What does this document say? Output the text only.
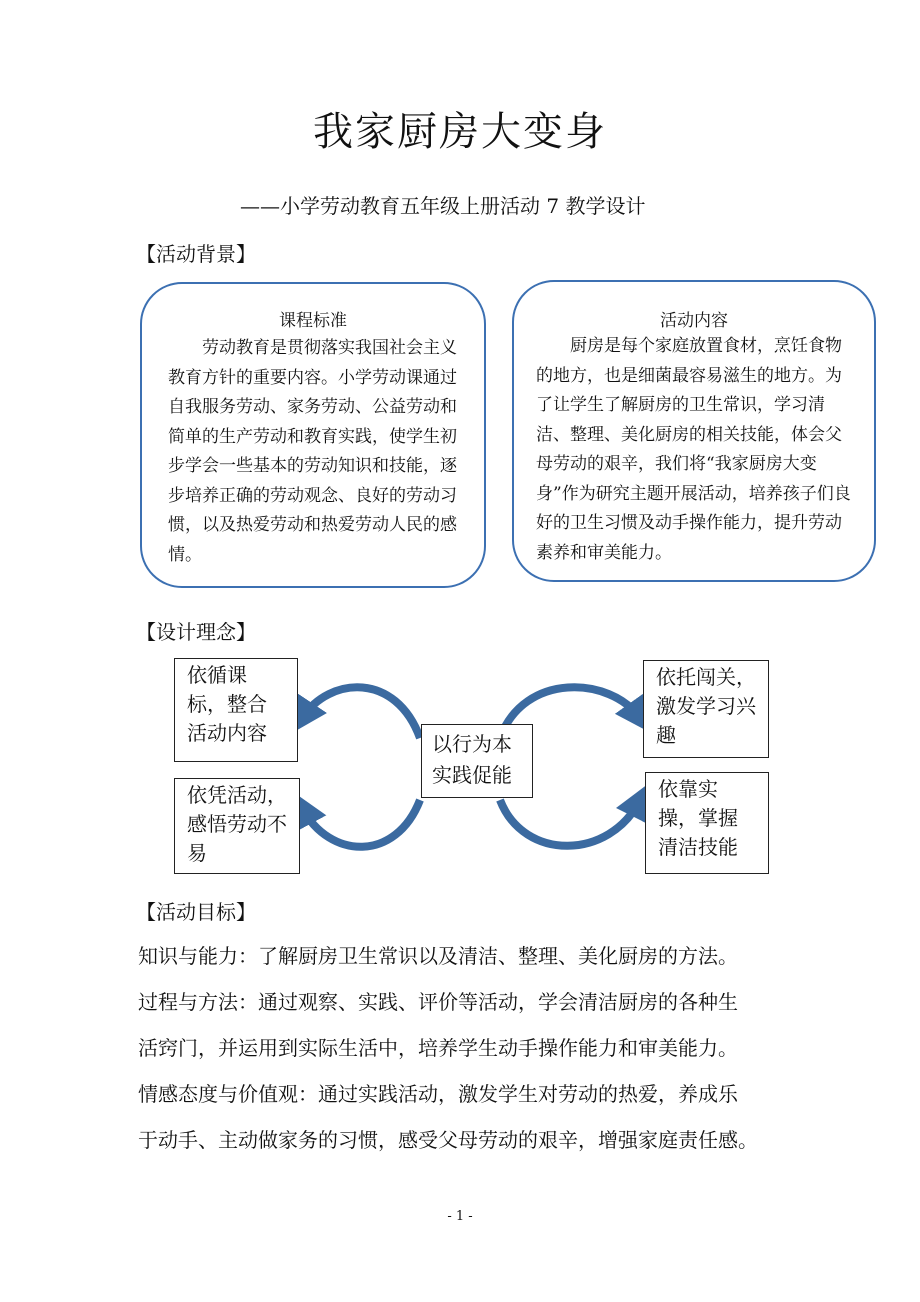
我家厨房大变身
——小学劳动教育五年级上册活动 7 教学设计
【活动背景】
课程标准
劳动教育是贯彻落实我国社会主义教育方针的重要内容。小学劳动课通过自我服务劳动、家务劳动、公益劳动和简单的生产劳动和教育实践，使学生初步学会一些基本的劳动知识和技能，逐步培养正确的劳动观念、良好的劳动习惯，以及热爱劳动和热爱劳动人民的感情。
活动内容
厨房是每个家庭放置食材，烹饪食物的地方，也是细菌最容易滋生的地方。为了让学生了解厨房的卫生常识，学习清洁、整理、美化厨房的相关技能，体会父母劳动的艰辛，我们将“我家厨房大变身”作为研究主题开展活动，培养孩子们良好的卫生习惯及动手操作能力，提升劳动素养和审美能力。
【设计理念】
依循课标，整合活动内容
依凭活动，感悟劳动不易
以行为本实践促能
依托闯关，激发学习兴趣
依靠实操，掌握清洁技能
【活动目标】
知识与能力：了解厨房卫生常识以及清洁、整理、美化厨房的方法。
过程与方法：通过观察、实践、评价等活动，学会清洁厨房的各种生
活窍门，并运用到实际生活中，培养学生动手操作能力和审美能力。
情感态度与价值观：通过实践活动，激发学生对劳动的热爱，养成乐
于动手、主动做家务的习惯，感受父母劳动的艰辛，增强家庭责任感。
- 1 -
